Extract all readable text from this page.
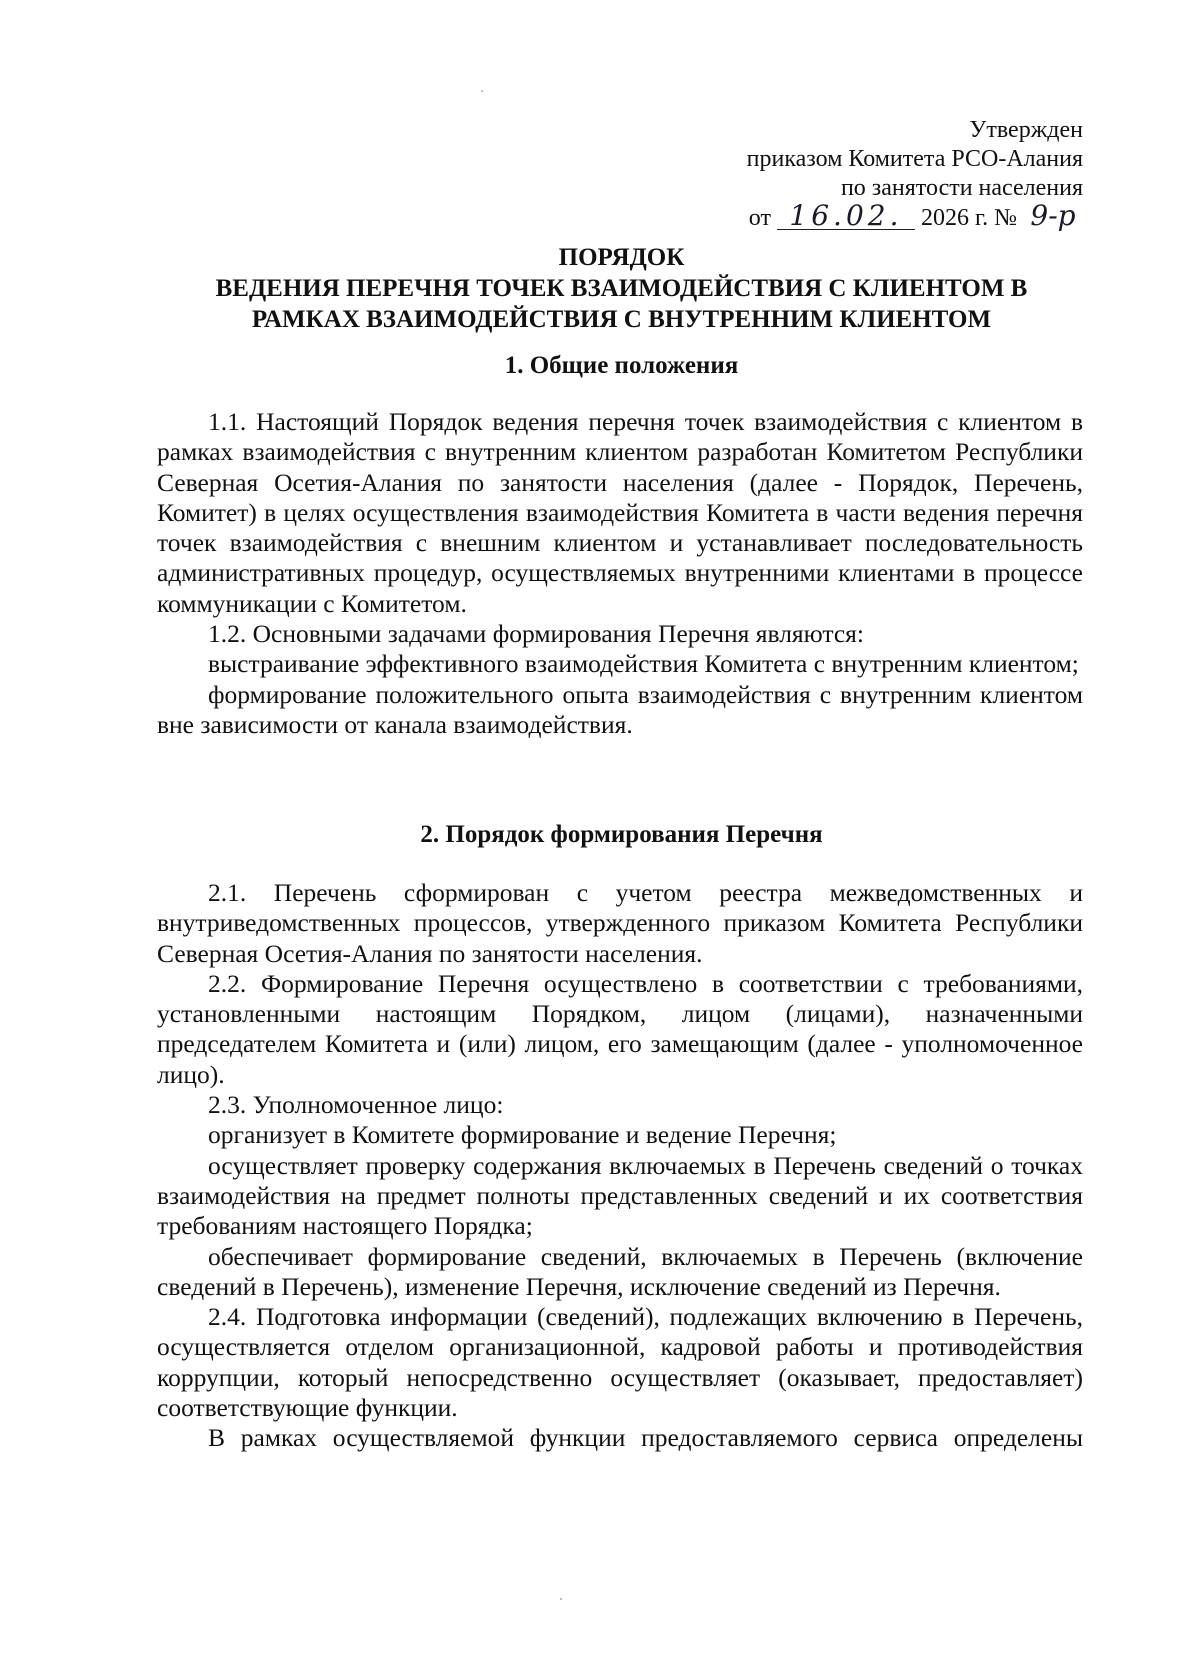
Утвержден
приказом Комитета РСО-Алания
по занятости населения
от 16.02. 2026 г. № 9-р
ПОРЯДОК
ВЕДЕНИЯ ПЕРЕЧНЯ ТОЧЕК ВЗАИМОДЕЙСТВИЯ С КЛИЕНТОМ В РАМКАХ ВЗАИМОДЕЙСТВИЯ С ВНУТРЕННИМ КЛИЕНТОМ
1. Общие положения

1.1. Настоящий Порядок ведения перечня точек взаимодействия с клиентом в рамках взаимодействия с внутренним клиентом разработан Комитетом Республики Северная Осетия-Алания по занятости населения (далее - Порядок, Перечень, Комитет) в целях осуществления взаимодействия Комитета в части ведения перечня точек взаимодействия с внешним клиентом и устанавливает последовательность административных процедур, осуществляемых внутренними клиентами в процессе коммуникации с Комитетом.

1.2. Основными задачами формирования Перечня являются:

выстраивание эффективного взаимодействия Комитета с внутренним клиентом;

формирование положительного опыта взаимодействия с внутренним клиентом вне зависимости от канала взаимодействия.

2. Порядок формирования Перечня

2.1. Перечень сформирован с учетом реестра межведомственных и внутриведомственных процессов, утвержденного приказом Комитета Республики Северная Осетия-Алания по занятости населения.

2.2. Формирование Перечня осуществлено в соответствии с требованиями, установленными настоящим Порядком, лицом (лицами), назначенными председателем Комитета и (или) лицом, его замещающим (далее - уполномоченное лицо).

2.3. Уполномоченное лицо:

организует в Комитете формирование и ведение Перечня;

осуществляет проверку содержания включаемых в Перечень сведений о точках взаимодействия на предмет полноты представленных сведений и их соответствия требованиям настоящего Порядка;

обеспечивает формирование сведений, включаемых в Перечень (включение сведений в Перечень), изменение Перечня, исключение сведений из Перечня.

2.4. Подготовка информации (сведений), подлежащих включению в Перечень, осуществляется отделом организационной, кадровой работы и противодействия коррупции, который непосредственно осуществляет (оказывает, предоставляет) соответствующие функции.

В рамках осуществляемой функции предоставляемого сервиса определены
